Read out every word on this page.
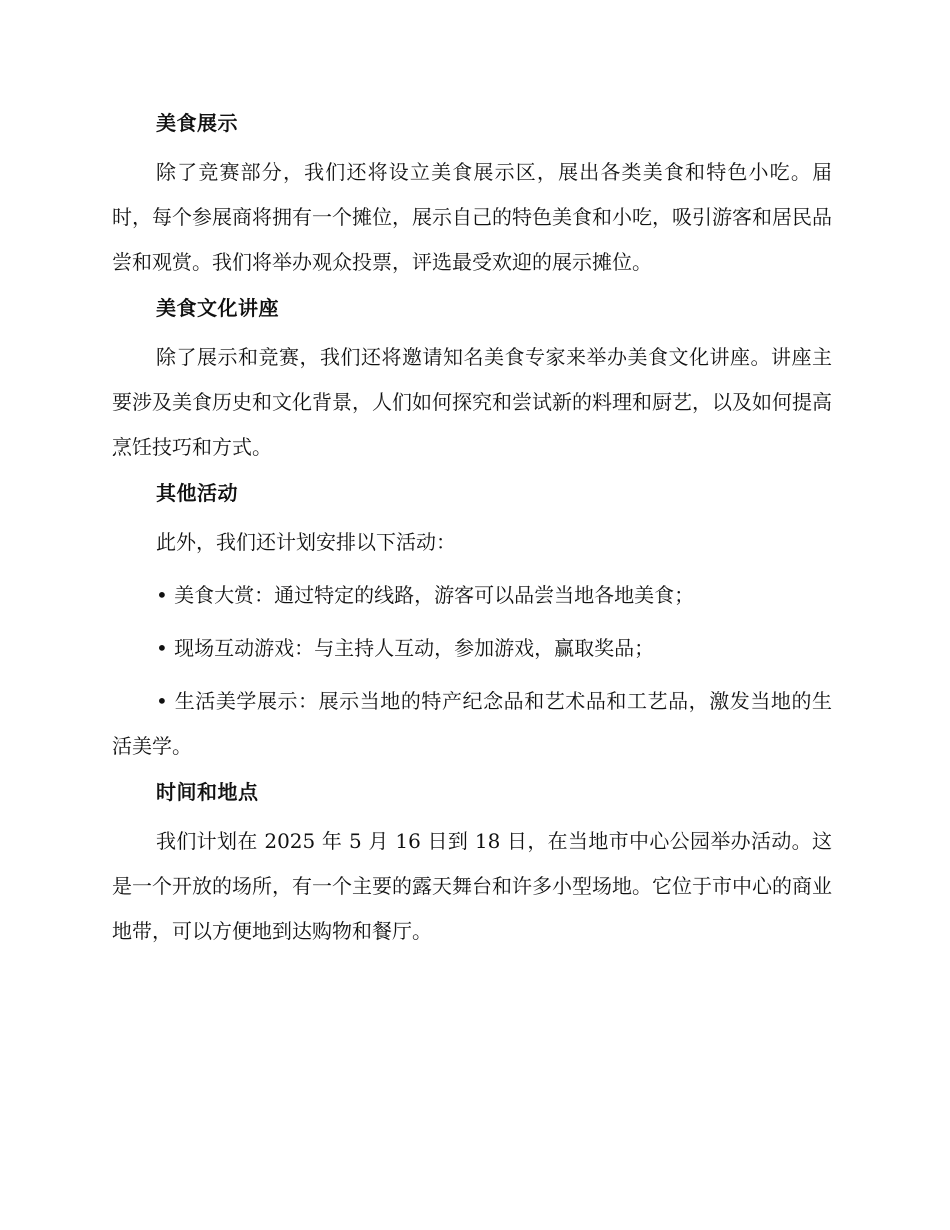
美食展示

除了竞赛部分，我们还将设立美食展示区，展出各类美食和特色小吃。届时，每个参展商将拥有一个摊位，展示自己的特色美食和小吃，吸引游客和居民品尝和观赏。我们将举办观众投票，评选最受欢迎的展示摊位。

美食文化讲座

除了展示和竞赛，我们还将邀请知名美食专家来举办美食文化讲座。讲座主要涉及美食历史和文化背景，人们如何探究和尝试新的料理和厨艺，以及如何提高烹饪技巧和方式。

其他活动

此外，我们还计划安排以下活动：

• 美食大赏：通过特定的线路，游客可以品尝当地各地美食；

• 现场互动游戏：与主持人互动，参加游戏，赢取奖品；

• 生活美学展示：展示当地的特产纪念品和艺术品和工艺品，激发当地的生活美学。

时间和地点

我们计划在 2025 年 5 月 16 日到 18 日，在当地市中心公园举办活动。这是一个开放的场所，有一个主要的露天舞台和许多小型场地。它位于市中心的商业地带，可以方便地到达购物和餐厅。
